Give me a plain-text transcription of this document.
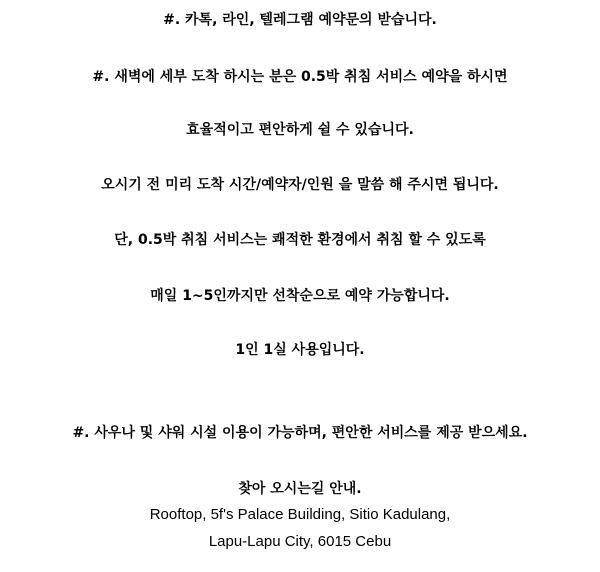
#. 카톡, 라인, 텔레그램 예약문의 받습니다.
#. 새벽에 세부 도착 하시는 분은 0.5박 취침 서비스 예약을 하시면
효율적이고 편안하게 쉴 수 있습니다.
오시기 전 미리 도착 시간/예약자/인원 을 말씀 해 주시면 됩니다.
단, 0.5박 취침 서비스는 쾌적한 환경에서 취침 할 수 있도록
매일 1~5인까지만 선착순으로 예약 가능합니다.
1인 1실 사용입니다.
#. 사우나 및 샤워 시설 이용이 가능하며, 편안한 서비스를 제공 받으세요.
찾아 오시는길 안내.
Rooftop, 5f's Palace Building, Sitio Kadulang,
Lapu-Lapu City, 6015 Cebu
